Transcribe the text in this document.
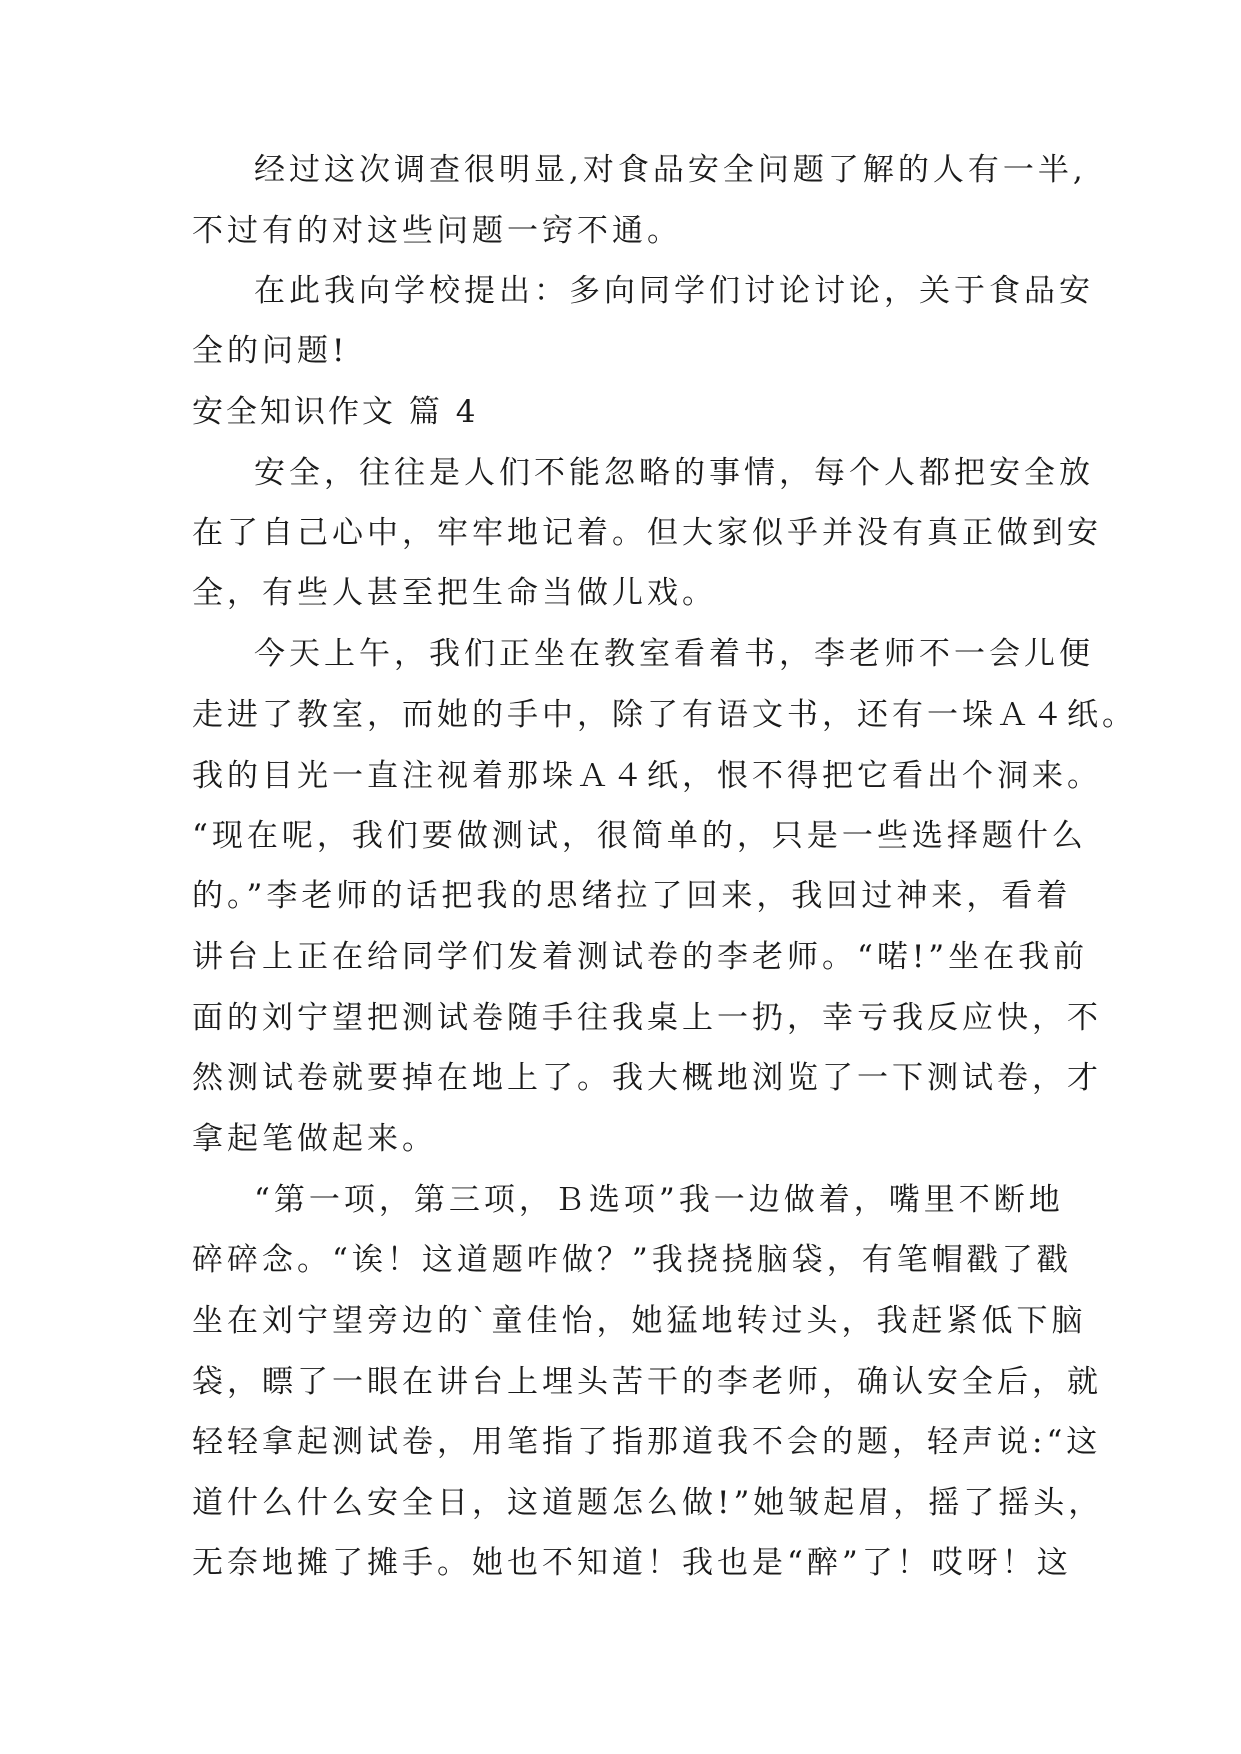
经过这次调查很明显,对食品安全问题了解的人有一半,
不过有的对这些问题一窍不通。
在此我向学校提出：多向同学们讨论讨论，关于食品安
全的问题!
安全知识作文 篇 4
安全，往往是人们不能忽略的事情，每个人都把安全放
在了自己心中，牢牢地记着。但大家似乎并没有真正做到安
全，有些人甚至把生命当做儿戏。
今天上午，我们正坐在教室看着书，李老师不一会儿便
走进了教室，而她的手中，除了有语文书，还有一垛Ａ４纸。
我的目光一直注视着那垛Ａ４纸，恨不得把它看出个洞来。
“现在呢，我们要做测试，很简单的，只是一些选择题什么
的。”李老师的话把我的思绪拉了回来，我回过神来，看着
讲台上正在给同学们发着测试卷的李老师。“喏!”坐在我前
面的刘宁望把测试卷随手往我桌上一扔，幸亏我反应快，不
然测试卷就要掉在地上了。我大概地浏览了一下测试卷，才
拿起笔做起来。
“第一项，第三项，Ｂ选项”我一边做着，嘴里不断地
碎碎念。“诶！这道题咋做？”我挠挠脑袋，有笔帽戳了戳
坐在刘宁望旁边的`童佳怡，她猛地转过头，我赶紧低下脑
袋，瞟了一眼在讲台上埋头苦干的李老师，确认安全后，就
轻轻拿起测试卷，用笔指了指那道我不会的题，轻声说:“这
道什么什么安全日，这道题怎么做!”她皱起眉，摇了摇头，
无奈地摊了摊手。她也不知道！我也是“醉”了！哎呀！这
